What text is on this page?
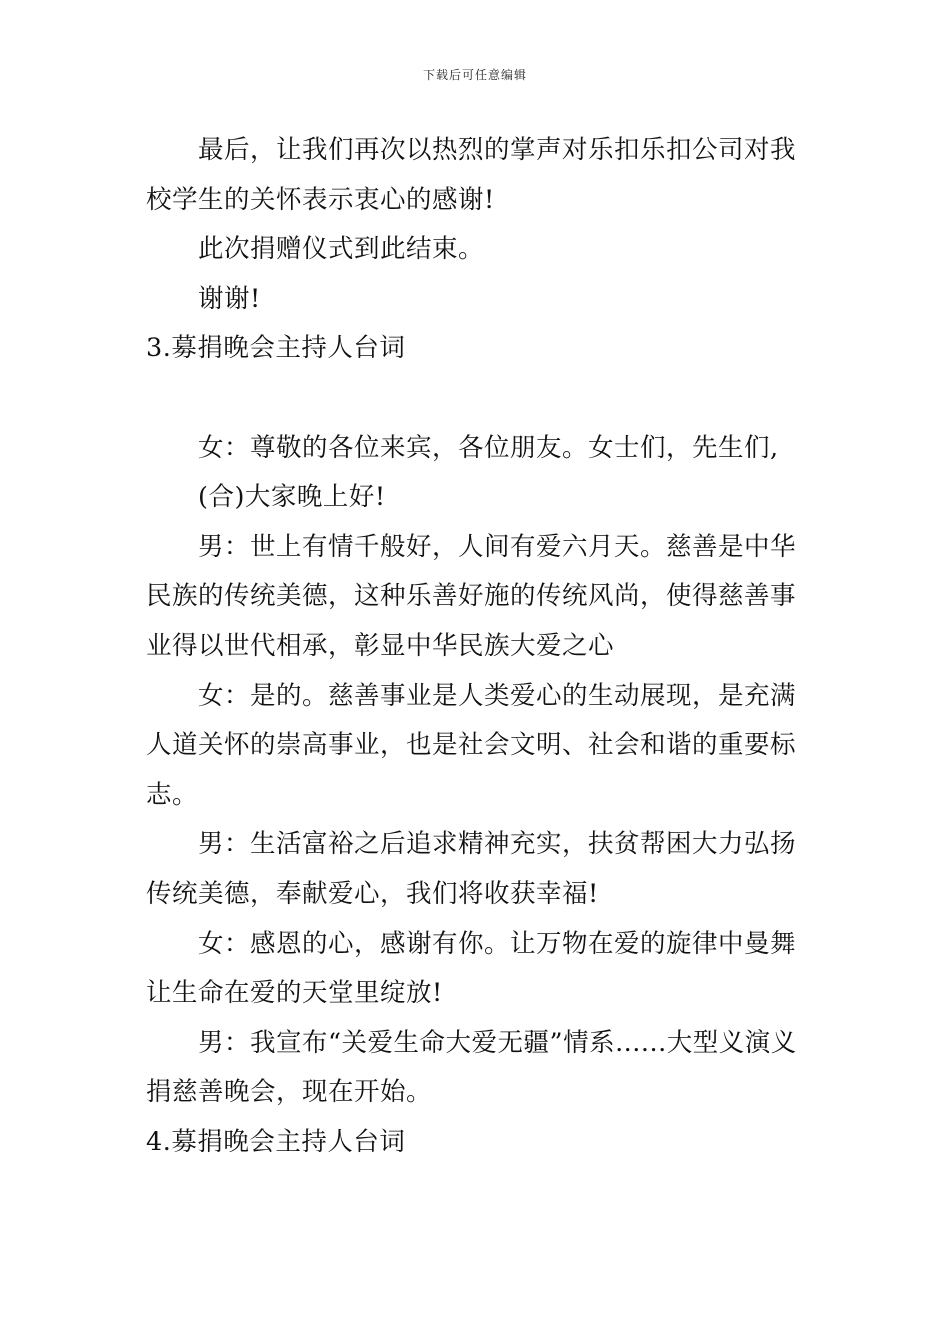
下载后可任意编辑

最后，让我们再次以热烈的掌声对乐扣乐扣公司对我校学生的关怀表示衷心的感谢!

此次捐赠仪式到此结束。

谢谢!

3.募捐晚会主持人台词

女：尊敬的各位来宾，各位朋友。女士们，先生们,

(合)大家晚上好!

男：世上有情千般好，人间有爱六月天。慈善是中华民族的传统美德，这种乐善好施的传统风尚，使得慈善事业得以世代相承，彰显中华民族大爱之心

女：是的。慈善事业是人类爱心的生动展现，是充满人道关怀的崇高事业，也是社会文明、社会和谐的重要标志。

男：生活富裕之后追求精神充实，扶贫帮困大力弘扬传统美德，奉献爱心，我们将收获幸福!

女：感恩的心，感谢有你。让万物在爱的旋律中曼舞让生命在爱的天堂里绽放!

男：我宣布“关爱生命大爱无疆”情系......大型义演义捐慈善晚会，现在开始。

4.募捐晚会主持人台词
